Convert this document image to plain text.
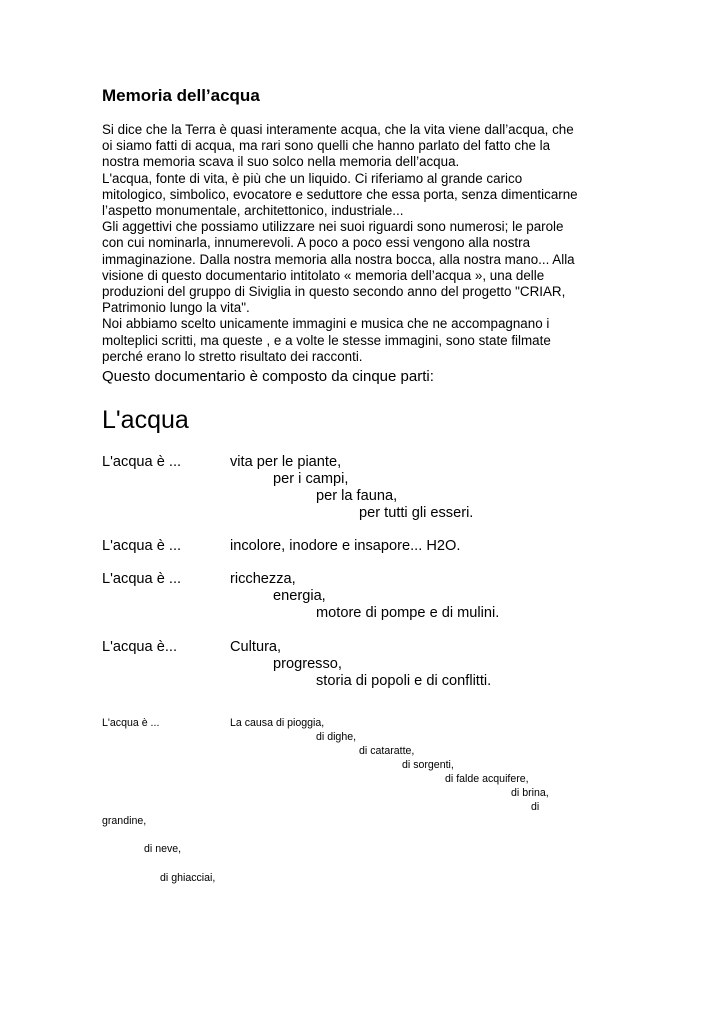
Memoria dell’acqua

Si dice che la Terra è quasi interamente acqua, che la vita viene dall’acqua, che

oi siamo fatti di acqua, ma rari sono quelli che hanno parlato del fatto che la

nostra memoria scava il suo solco nella memoria dell’acqua.

L'acqua, fonte di vita, è più che un liquido. Ci riferiamo al grande carico

mitologico, simbolico, evocatore e seduttore che essa porta, senza dimenticarne

l’aspetto monumentale, architettonico, industriale...

Gli aggettivi che possiamo utilizzare nei suoi riguardi sono numerosi; le parole

con cui nominarla, innumerevoli. A poco a poco essi vengono alla nostra

immaginazione. Dalla nostra memoria alla nostra bocca, alla nostra mano... Alla

visione di questo documentario intitolato « memoria dell’acqua », una delle

produzioni del gruppo di Siviglia in questo secondo anno del progetto "CRIAR,

Patrimonio lungo la vita".

Noi abbiamo scelto unicamente immagini e musica che ne accompagnano i

molteplici scritti, ma queste , e a volte le stesse immagini, sono state filmate

perché erano lo stretto risultato dei racconti.

Questo documentario è composto da cinque parti:
L'acqua
L'acqua è ...	vita per le piante,
per i campi,
per la fauna,
per tutti gli esseri.
L'acqua è ...	incolore, inodore e insapore... H2O.
L'acqua è ...	ricchezza,
energia,
motore di pompe e di mulini.
L'acqua è...	Cultura,
progresso,
storia di popoli e di conflitti.
L'acqua è ...	La causa di pioggia,
di dighe,
di cataratte,
di sorgenti,
di falde acquifere,
di brina,
di
grandine,
di neve,
di ghiacciai,
